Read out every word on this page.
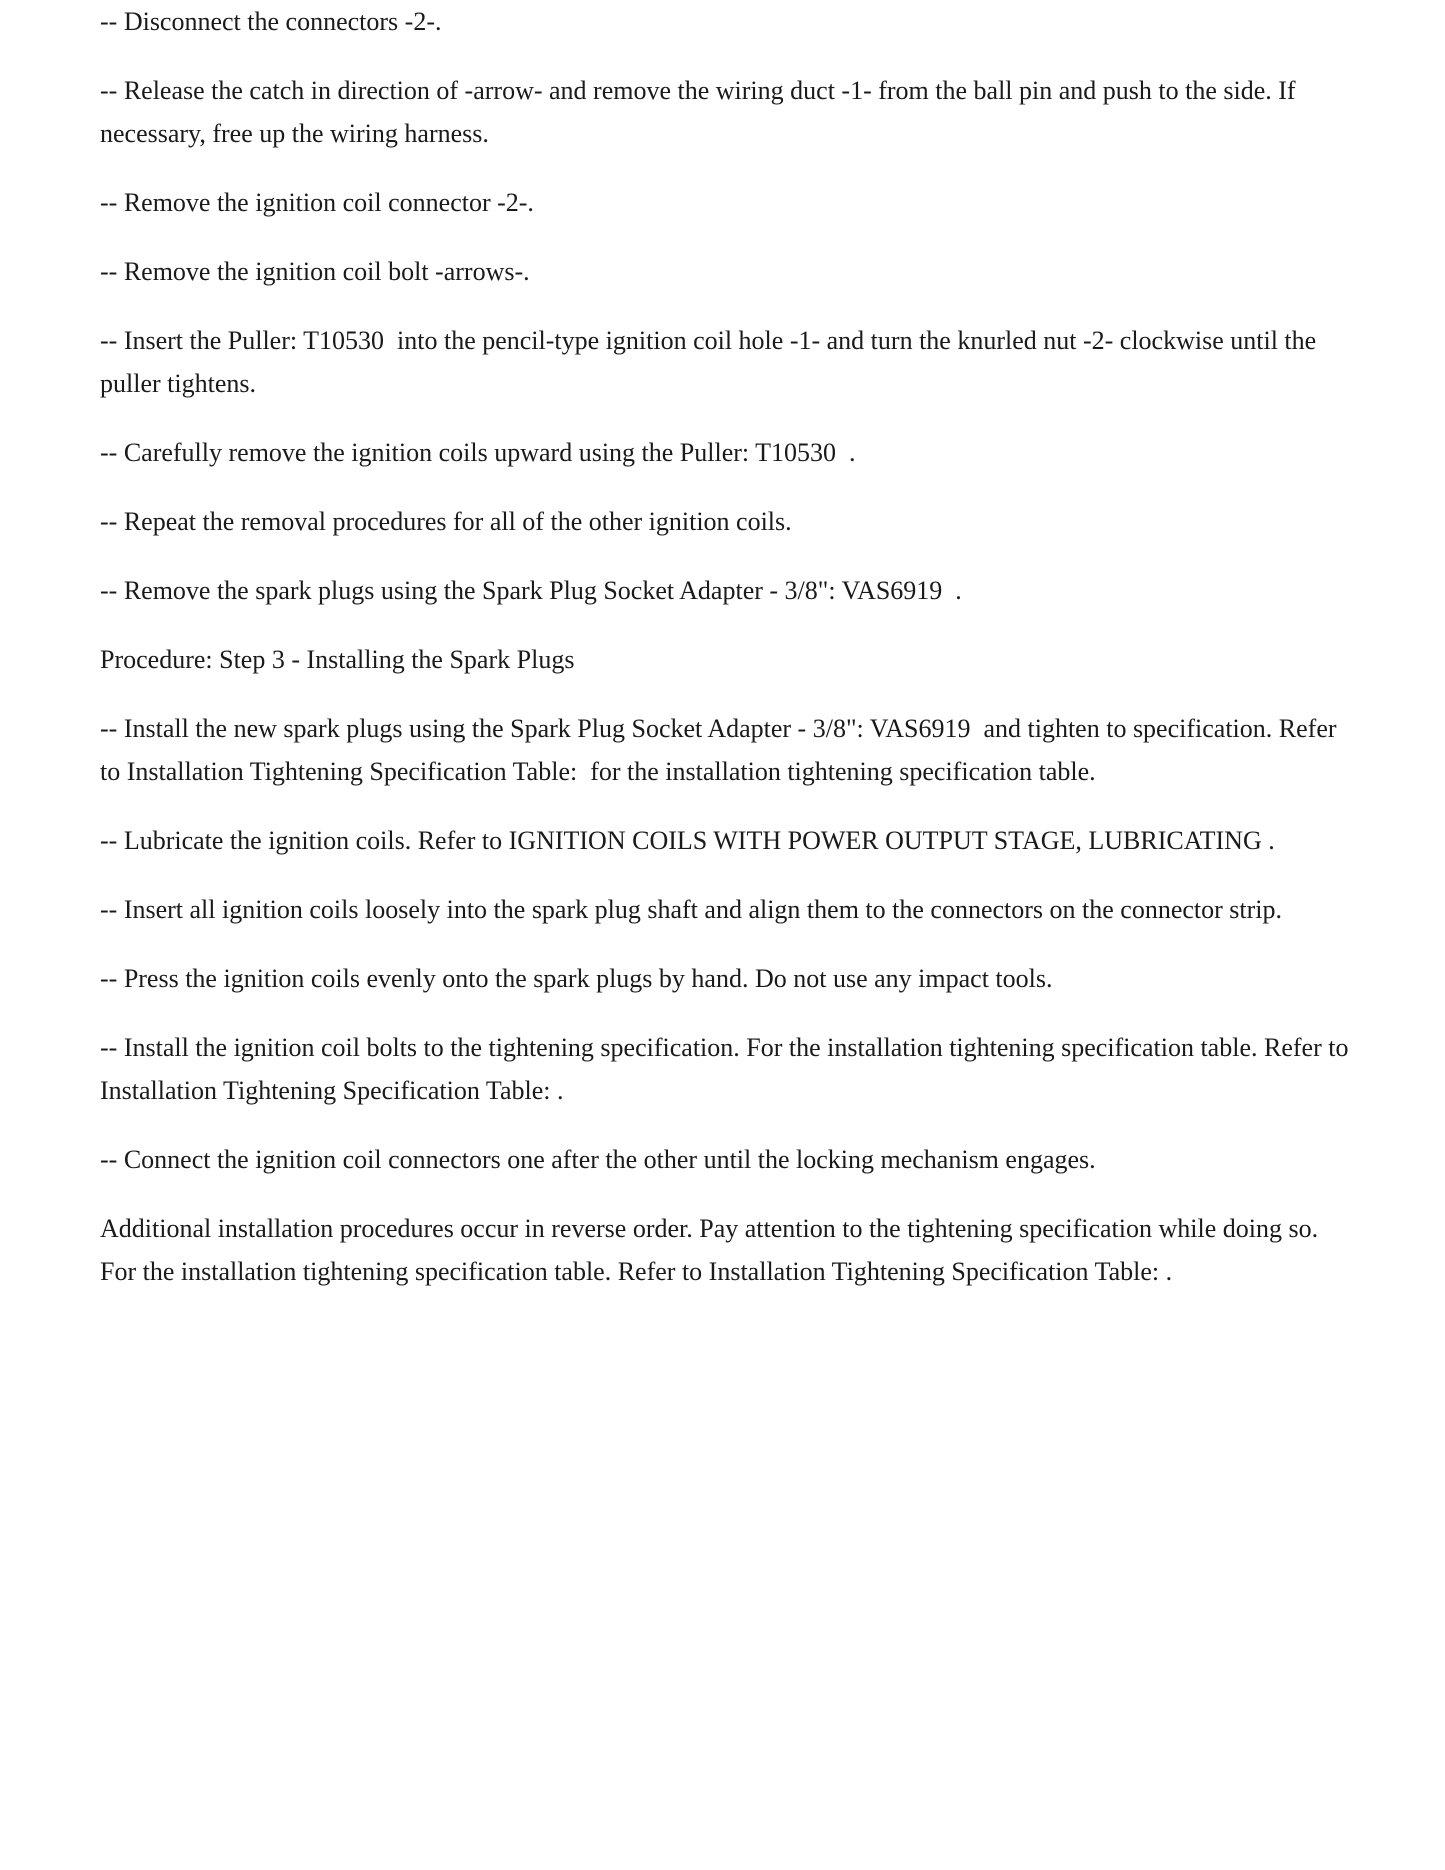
-- Disconnect the connectors -2-.

-- Release the catch in direction of -arrow- and remove the wiring duct -1- from the ball pin and push to the side. If necessary, free up the wiring harness.

-- Remove the ignition coil connector -2-.

-- Remove the ignition coil bolt -arrows-.

-- Insert the Puller: T10530  into the pencil-type ignition coil hole -1- and turn the knurled nut -2- clockwise until the puller tightens.

-- Carefully remove the ignition coils upward using the Puller: T10530  .

-- Repeat the removal procedures for all of the other ignition coils.

-- Remove the spark plugs using the Spark Plug Socket Adapter - 3/8": VAS6919  .

Procedure: Step 3 - Installing the Spark Plugs

-- Install the new spark plugs using the Spark Plug Socket Adapter - 3/8": VAS6919  and tighten to specification. Refer to Installation Tightening Specification Table:  for the installation tightening specification table.

-- Lubricate the ignition coils. Refer to IGNITION COILS WITH POWER OUTPUT STAGE, LUBRICATING .

-- Insert all ignition coils loosely into the spark plug shaft and align them to the connectors on the connector strip.

-- Press the ignition coils evenly onto the spark plugs by hand. Do not use any impact tools.

-- Install the ignition coil bolts to the tightening specification. For the installation tightening specification table. Refer to Installation Tightening Specification Table: .

-- Connect the ignition coil connectors one after the other until the locking mechanism engages.

Additional installation procedures occur in reverse order. Pay attention to the tightening specification while doing so. For the installation tightening specification table. Refer to Installation Tightening Specification Table: .
